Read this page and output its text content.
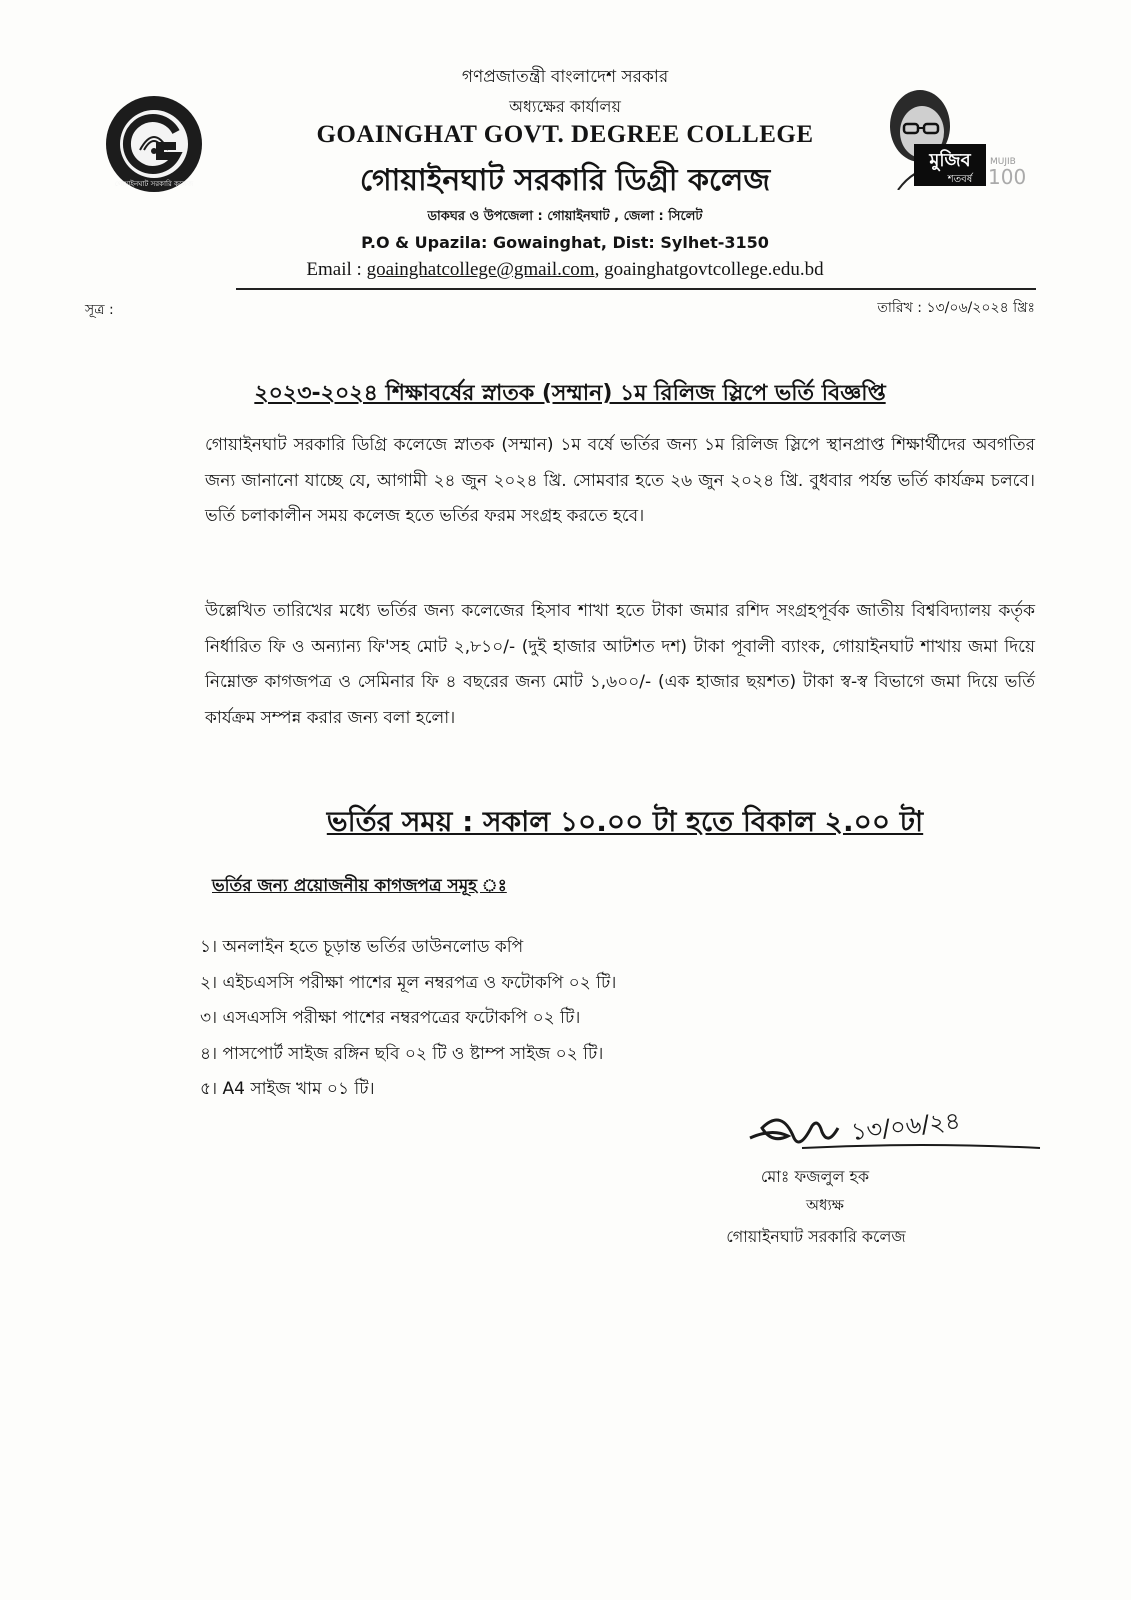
গোয়াইনঘাট সরকারি কলেজ
মুজিব
শতবর্ষ
MUJIB
100
গণপ্রজাতন্ত্রী বাংলাদেশ সরকার
অধ্যক্ষের কার্যালয়
GOAINGHAT GOVT. DEGREE COLLEGE
গোয়াইনঘাট সরকারি ডিগ্রী কলেজ
ডাকঘর ও উপজেলা : গোয়াইনঘাট , জেলা : সিলেট
P.O & Upazila: Gowainghat, Dist: Sylhet-3150
Email : goainghatcollege@gmail.com, goainghatgovtcollege.edu.bd
সূত্র :	তারিখ : ১৩/০৬/২০২৪ খ্রিঃ
২০২৩-২০২৪ শিক্ষাবর্ষের স্নাতক (সম্মান) ১ম রিলিজ স্লিপে ভর্তি বিজ্ঞপ্তি
গোয়াইনঘাট সরকারি ডিগ্রি কলেজে স্নাতক (সম্মান) ১ম বর্ষে ভর্তির জন্য ১ম রিলিজ স্লিপে স্থানপ্রাপ্ত শিক্ষার্থীদের অবগতির জন্য জানানো যাচ্ছে যে, আগামী ২৪ জুন ২০২৪ খ্রি. সোমবার হতে ২৬ জুন ২০২৪ খ্রি. বুধবার পর্যন্ত ভর্তি কার্যক্রম চলবে। ভর্তি চলাকালীন সময় কলেজ হতে ভর্তির ফরম সংগ্রহ করতে হবে।
উল্লেখিত তারিখের মধ্যে ভর্তির জন্য কলেজের হিসাব শাখা হতে টাকা জমার রশিদ সংগ্রহপূর্বক জাতীয় বিশ্ববিদ্যালয় কর্তৃক নির্ধারিত ফি ও অন্যান্য ফি'সহ মোট ২,৮১০/- (দুই হাজার আটশত দশ) টাকা পূবালী ব্যাংক, গোয়াইনঘাট শাখায় জমা দিয়ে নিম্নোক্ত কাগজপত্র ও সেমিনার ফি ৪ বছরের জন্য মোট ১,৬০০/- (এক হাজার ছয়শত) টাকা স্ব-স্ব বিভাগে জমা দিয়ে ভর্তি কার্যক্রম সম্পন্ন করার জন্য বলা হলো।
ভর্তির সময় : সকাল ১০.০০ টা হতে বিকাল ২.০০ টা
ভর্তির জন্য প্রয়োজনীয় কাগজপত্র সমূহ ঃ
১। অনলাইন হতে চূড়ান্ত ভর্তির ডাউনলোড কপি
২। এইচএসসি পরীক্ষা পাশের মূল নম্বরপত্র ও ফটোকপি ০২ টি।
৩। এসএসসি পরীক্ষা পাশের নম্বরপত্রের ফটোকপি ০২ টি।
৪। পাসপোর্ট সাইজ রঙ্গিন ছবি ০২ টি ও ষ্টাম্প সাইজ ০২ টি।
৫। A4 সাইজ খাম ০১ টি।
১৩/০৬/২৪
মোঃ ফজলুল হক
অধ্যক্ষ
গোয়াইনঘাট সরকারি কলেজ
